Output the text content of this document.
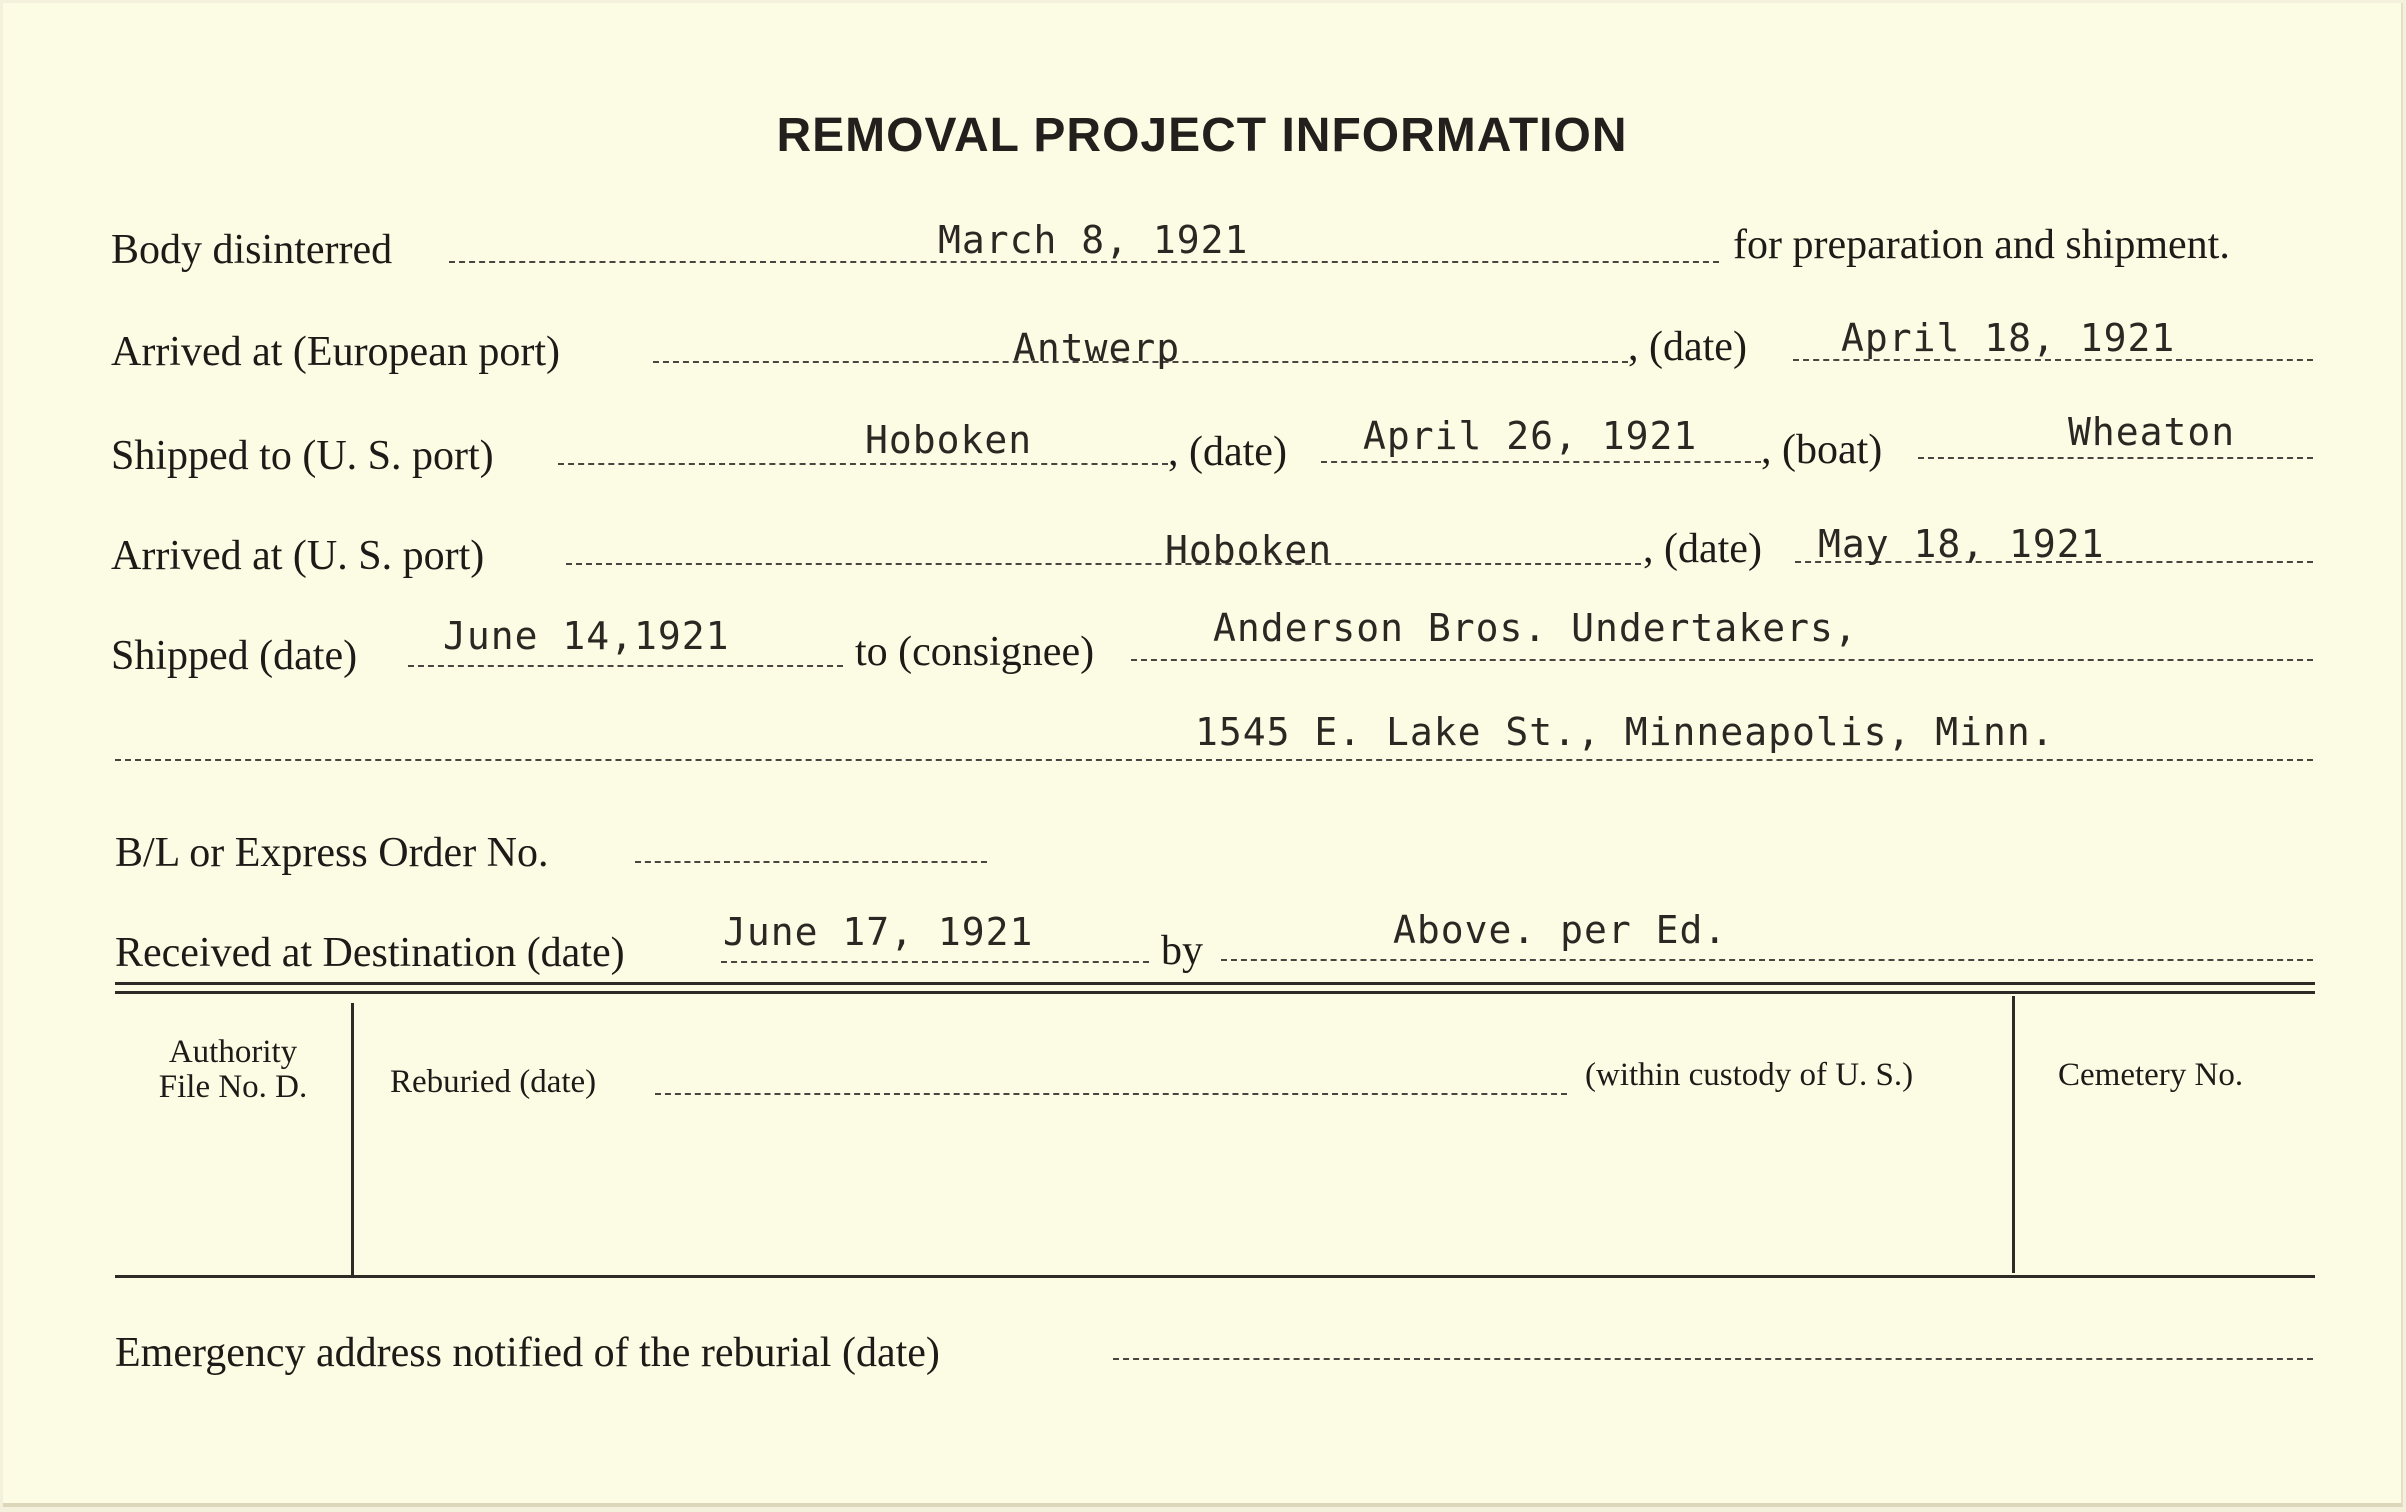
REMOVAL PROJECT INFORMATION
Body disinterred	March 8, 1921	for preparation and shipment.
Arrived at (European port)	Antwerp	, (date) April 18, 1921
Shipped to (U. S. port)	Hoboken	, (date) April 26, 1921 , (boat)	Wheaton
Arrived at (U. S. port)	Hoboken	, (date) May 18, 1921
Shipped (date) June 14,1921	to (consignee)
Anderson Bros. Undertakers,
1545 E. Lake St., Minneapolis, Minn.
B/L or Express Order No.
Received at Destination (date)	June 17, 1921	by	Above. per Ed.
Authority
File No. D.	Reburied (date)	(within custody of U. S.)	Cemetery No.
Emergency address notified of the reburial (date)
